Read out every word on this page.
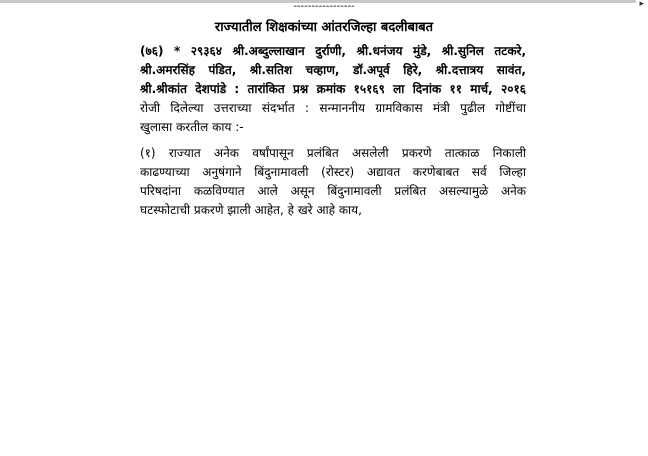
-----------------	▸
राज्यातील शिक्षकांच्या आंतरजिल्हा बदलीबाबत
(७६) * २९३६४ श्री.अब्दुल्लाखान दुर्राणी, श्री.धनंजय मुंडे, श्री.सुनिल तटकरे,
श्री.अमरसिंह पंडित, श्री.सतिश चव्हाण, डॉ.अपूर्व हिरे, श्री.दत्तात्रय सावंत,
श्री.श्रीकांत देशपांडे : तारांकित प्रश्न क्रमांक १५१६९ ला दिनांक ११ मार्च, २०१६
रोजी दिलेल्या उत्तराच्या संदर्भात : सन्माननीय ग्रामविकास मंत्री पुढील गोष्टींचा
खुलासा करतील काय :-
(१) राज्यात अनेक वर्षांपासून प्रलंबित असलेली प्रकरणे तात्काळ निकाली
काढण्याच्या अनुषंगाने बिंदुनामावली (रोस्टर) अद्यावत करणेबाबत सर्व जिल्हा
परिषदांना कळविण्यात आले असून बिंदुनामावली प्रलंबित असल्यामुळे अनेक
घटस्फोटाची प्रकरणे झाली आहेत, हे खरे आहे काय,
